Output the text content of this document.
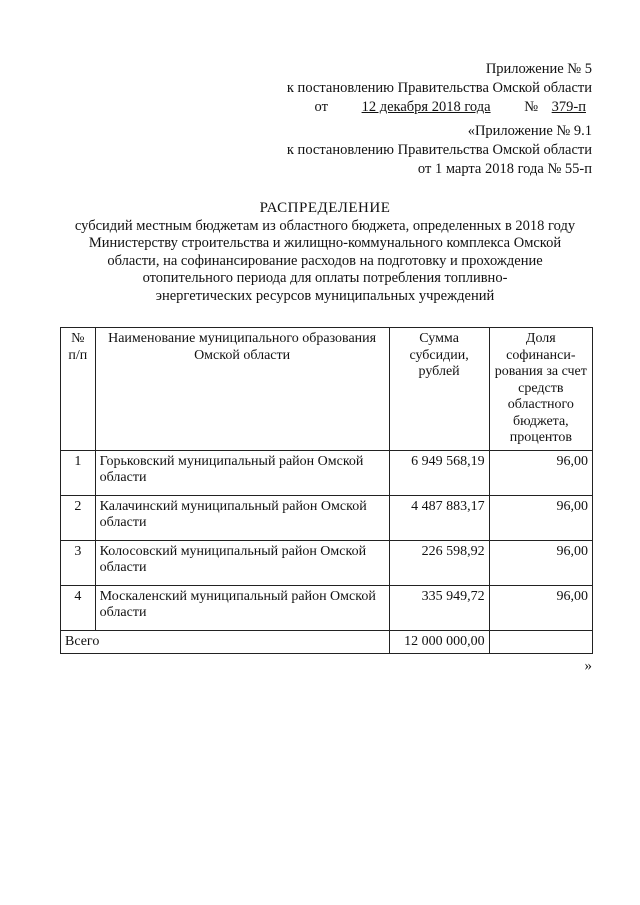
Приложение № 5
к постановлению Правительства Омской области
от 12 декабря 2018 года № 379-п
«Приложение № 9.1
к постановлению Правительства Омской области
от 1 марта 2018 года № 55-п
РАСПРЕДЕЛЕНИЕ
субсидий местным бюджетам из областного бюджета, определенных в 2018 году
Министерству строительства и жилищно-коммунального комплекса Омской
области, на софинансирование расходов на подготовку и прохождение
отопительного периода для оплаты потребления топливно-
энергетических ресурсов муниципальных учреждений
№ п/п	Наименование муниципального образования Омской области	Сумма субсидии, рублей	Доля софинанси-рования за счет средств областного бюджета, процентов
1	Горьковский муниципальный район Омской области	6 949 568,19	96,00
2	Калачинский муниципальный район Омской области	4 487 883,17	96,00
3	Колосовский муниципальный район Омской области	226 598,92	96,00
4	Москаленский муниципальный район Омской области	335 949,72	96,00
Всего		12 000 000,00	
»
